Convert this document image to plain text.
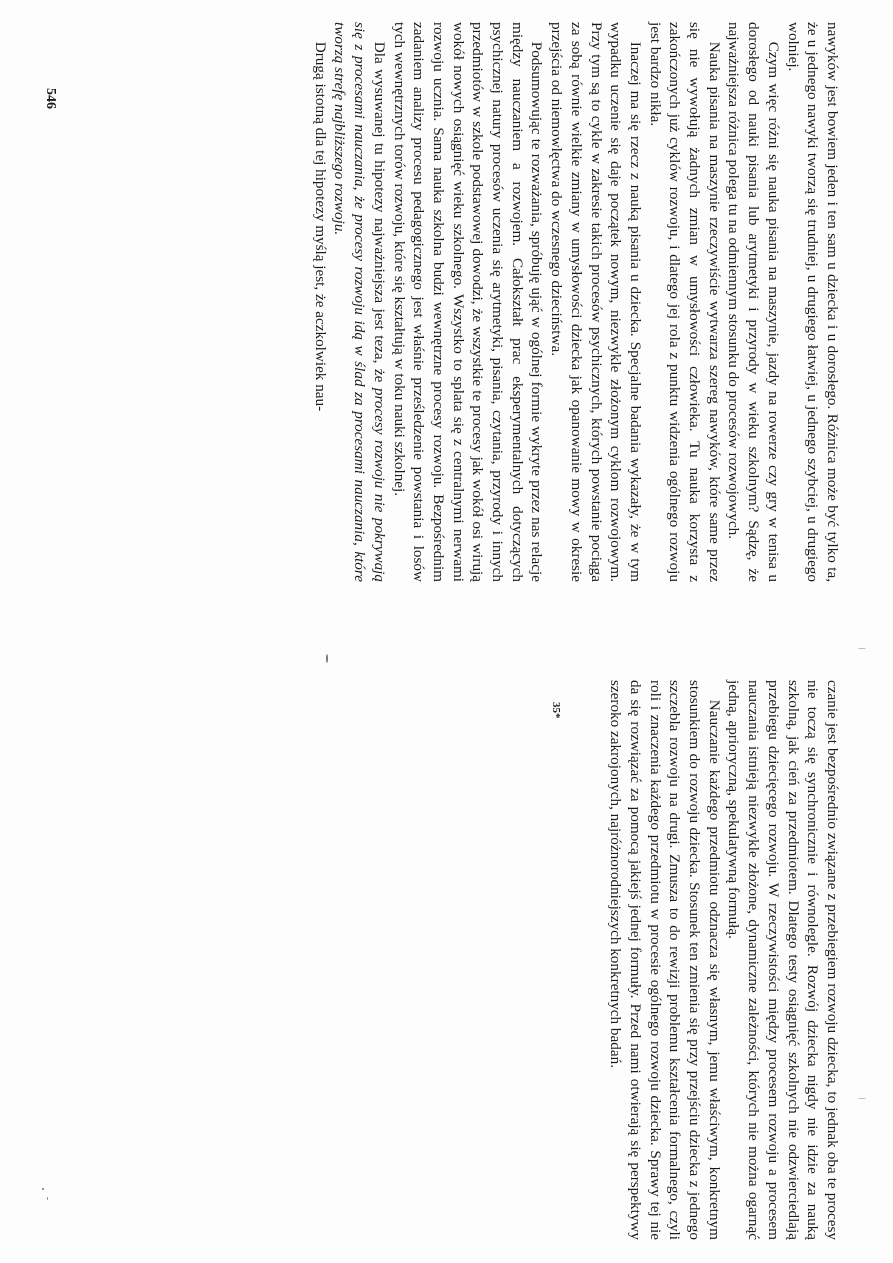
546
35*

nawyków jest bowiem jeden i ten sam u dziecka i u dorosłego. Różnica może być tylko ta, że u jednego nawyki tworzą się trudniej, u drugiego łatwiej, u jednego szybciej, u drugiego wolniej.

Czym więc różni się nauka pisania na maszynie, jazdy na rowerze czy gry w tenisa u dorosłego od nauki pisania lub arytmetyki i przyrody w wieku szkolnym? Sądzę, że najważniejsza różnica polega tu na odmiennym stosunku do procesów rozwojowych.

Nauka pisania na maszynie rzeczywiście wytwarza szereg nawyków, które same przez się nie wywołują żadnych zmian w umysłowości człowieka. Tu nauka korzysta z zakończonych już cyklów rozwoju, i dlatego jej rola z punktu widzenia ogólnego rozwoju jest bardzo nikła.

Inaczej ma się rzecz z nauką pisania u dziecka. Specjalne badania wykazały, że w tym wypadku uczenie się daje początek nowym, niezwykle złożonym cyklom rozwojowym. Przy tym są to cykle w zakresie takich procesów psychicznych, których powstanie pociąga za sobą równie wielkie zmiany w umysłowości dziecka jak opanowanie mowy w okresie przejścia od niemowlęctwa do wczesnego dzieciństwa.

Podsumowując te rozważania, spróbuję ująć w ogólnej formie wykryte przez nas relacje między nauczaniem a rozwojem. Całokształt prac eksperymentalnych dotyczących psychicznej natury procesów uczenia się arytmetyki, pisania, czytania, przyrody i innych przedmiotów w szkole podstawowej dowodzi, że wszystkie te procesy jak wokół osi wirują wokół nowych osiągnięć wieku szkolnego. Wszystko to splata się z centralnymi nerwami rozwoju ucznia. Sama nauka szkolna budzi wewnętrzne procesy rozwoju. Bezpośrednim zadaniem analizy procesu pedagogicznego jest właśnie prześledzenie powstania i losów tych wewnętrznych torów rozwoju, które się kształtują w toku nauki szkolnej.

Dla wysuwanej tu hipotezy najważniejsza jest teza, że procesy rozwoju nie pokrywają się z procesami nauczania, że procesy rozwoju idą w ślad za procesami nauczania, które tworzą strefę najbliższego rozwoju.

Drugą istotną dla tej hipotezy myślą jest, że aczkolwiek nau-

czanie jest bezpośrednio związane z przebiegiem rozwoju dziecka, to jednak oba te procesy nie toczą się synchronicznie i równolegle. Rozwój dziecka nigdy nie idzie za nauką szkolną, jak cień za przedmiotem. Dlatego testy osiągnięć szkolnych nie odzwierciedlają przebiegu dziecięcego rozwoju. W rzeczywistości między procesem rozwoju a procesem nauczania istnieją niezwykle złożone, dynamiczne zależności, których nie można ogarnąć jedną, aprioryczną, spekulatywną formułą.

Nauczanie każdego przedmiotu odznacza się własnym, jemu właściwym, konkretnym stosunkiem do rozwoju dziecka. Stosunek ten zmienia się przy przejściu dziecka z jednego szczebla rozwoju na drugi. Zmusza to do rewizji problemu kształcenia formalnego, czyli roli i znaczenia każdego przedmiotu w procesie ogólnego rozwoju dziecka. Sprawy tej nie da się rozwiązać za pomocą jakiejś jednej formuły. Przed nami otwierają się perspektywy szeroko zakrojonych, najróżnorodniejszych konkretnych badań.
